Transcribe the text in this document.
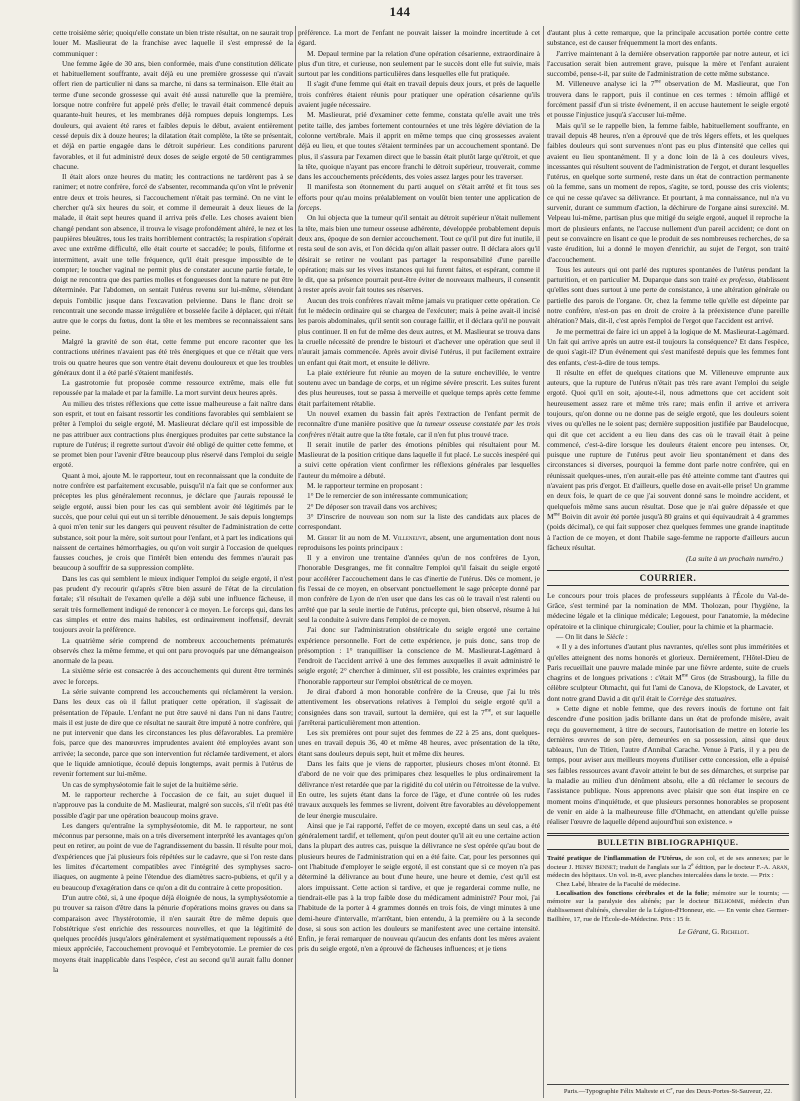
144
cette troisième série; quoiqu'elle constate un bien triste résultat, on ne saurait trop louer M. Maslieurat de la franchise avec laquelle il s'est empressé de la communiquer :
Une femme âgée de 30 ans, bien conformée, mais d'une constitution délicate et habituellement souffrante, avait déjà eu une première grossesse qui n'avait offert rien de particulier ni dans sa marche, ni dans sa terminaison. Elle était au terme d'une seconde grossesse qui avait été aussi naturelle que la première, lorsque notre confrère fut appelé près d'elle; le travail était commencé depuis quarante-huit heures, et les membranes déjà rompues depuis longtemps. Les douleurs, qui avaient été rares et faibles depuis le début, avaient entièrement cessé depuis dix à douze heures; la dilatation était complète, la tête se présentait, et déjà en partie engagée dans le détroit supérieur. Les conditions parurent favorables, et il fut administré deux doses de seigle ergoté de 50 centigrammes chacune.
Il était alors onze heures du matin; les contractions ne tardèrent pas à se ranimer; et notre confrère, forcé de s'absenter, recommanda qu'on vînt le prévenir entre deux et trois heures, si l'accouchement n'était pas terminé. On ne vint le chercher qu'à six heures du soir, et comme il demeurait à deux lieues de la malade, il était sept heures quand il arriva près d'elle. Les choses avaient bien changé pendant son absence, il trouva le visage profondément altéré, le nez et les paupières bleuâtres, tous les traits horriblement contractés; la respiration s'opérait avec une extrême difficulté, elle était courte et saccadée; le pouls, filiforme et intermittent, avait une telle fréquence, qu'il était presque impossible de le compter; le toucher vaginal ne permit plus de constater aucune partie fœtale, le doigt ne rencontra que des parties molles et fongueuses dont la nature ne put être déterminée. Par l'abdomen, on sentait l'utérus revenu sur lui-même, s'étendant depuis l'ombilic jusque dans l'excavation pelvienne. Dans le flanc droit se rencontrait une seconde masse irrégulière et bosselée facile à déplacer, qui n'était autre que le corps du fœtus, dont la tête et les membres se reconnaissaient sans peine.
Malgré la gravité de son état, cette femme put encore raconter que les contractions utérines n'avaient pas été très énergiques et que ce n'était que vers trois ou quatre heures que son ventre était devenu douloureux et que les troubles généraux dont il a été parlé s'étaient manifestés.
La gastrotomie fut proposée comme ressource extrême, mais elle fut repoussée par la malade et par la famille. La mort survint deux heures après.
Au milieu des tristes réflexions que cette issue malheureuse a fait naître dans son esprit, et tout en faisant ressortir les conditions favorables qui semblaient se prêter à l'emploi du seigle ergoté, M. Maslieurat déclare qu'il est impossible de ne pas attribuer aux contractions plus énergiques produites par cette substance la rupture de l'utérus; il regrette surtout d'avoir été obligé de quitter cette femme, et se promet bien pour l'avenir d'être beaucoup plus réservé dans l'emploi du seigle ergoté.
Quant à moi, ajoute M. le rapporteur, tout en reconnaissant que la conduite de notre confrère est parfaitement excusable, puisqu'il n'a fait que se conformer aux préceptes les plus généralement reconnus, je déclare que j'aurais repoussé le seigle ergoté, aussi bien pour les cas qui semblent avoir été légitimés par le succès, que pour celui qui eut un si terrible dénouement. Je sais depuis longtemps à quoi m'en tenir sur les dangers qui peuvent résulter de l'administration de cette substance, soit pour la mère, soit surtout pour l'enfant, et à part les indications qui naissent de certaines hémorrhagies, ou qu'on voit surgir à l'occasion de quelques fausses couches, je crois que l'intérêt bien entendu des femmes n'aurait pas beaucoup à souffrir de sa suppression complète.
Dans les cas qui semblent le mieux indiquer l'emploi du seigle ergoté, il n'est pas prudent d'y recourir qu'après s'être bien assuré de l'état de la circulation fœtale; s'il résultait de l'examen qu'elle a déjà subi une influence fâcheuse, il serait très formellement indiqué de renoncer à ce moyen. Le forceps qui, dans les cas simples et entre des mains habiles, est ordinairement inoffensif, devrait toujours avoir la préférence.
La quatrième série comprend de nombreux accouchements prématurés observés chez la même femme, et qui ont paru provoqués par une démangeaison anormale de la peau.
La sixième série est consacrée à des accouchements qui durent être terminés avec le forceps.
La série suivante comprend les accouchements qui réclamèrent la version. Dans les deux cas où il fallut pratiquer cette opération, il s'agissait de présentation de l'épaule. L'enfant ne put être sauvé ni dans l'un ni dans l'autre; mais il est juste de dire que ce résultat ne saurait être imputé à notre confrère, qui ne put intervenir que dans les circonstances les plus défavorables. La première fois, parce que des manœuvres imprudentes avaient été employées avant son arrivée; la seconde, parce que son intervention fut réclamée tardivement, et alors que le liquide amniotique, écoulé depuis longtemps, avait permis à l'utérus de revenir fortement sur lui-même.
Un cas de symphyséotomie fait le sujet de la huitième série.
M. le rapporteur recherche à l'occasion de ce fait, au sujet duquel il n'approuve pas la conduite de M. Maslieurat, malgré son succès, s'il n'eût pas été possible d'agir par une opération beaucoup moins grave.
Les dangers qu'entraîne la symphyséotomie, dit M. le rapporteur, ne sont méconnus par personne, mais on a très diversement interprété les avantages qu'on peut en retirer, au point de vue de l'agrandissement du bassin. Il résulte pour moi, d'expériences que j'ai plusieurs fois répétées sur le cadavre, que si l'on reste dans les limites d'écartement compatibles avec l'intégrité des symphyses sacro-iliaques, on augmente à peine l'étendue des diamètres sacro-pubiens, et qu'il y a eu beaucoup d'exagération dans ce qu'on a dit du contraire à cette proposition.
D'un autre côté, si, à une époque déjà éloignée de nous, la symphyséotomie a pu trouver sa raison d'être dans la pénurie d'opérations moins graves ou dans sa comparaison avec l'hystérotomie, il n'en saurait être de même depuis que l'obstétrique s'est enrichie des ressources nouvelles, et que la légitimité de quelques procédés jusqu'alors généralement et systématiquement repoussés a été mieux appréciée, l'accouchement provoqué et l'embryotomie. Le premier de ces moyens était inapplicable dans l'espèce, c'est au second qu'il aurait fallu donner la
préférence. La mort de l'enfant ne pouvait laisser la moindre incertitude à cet égard.
M. Depaul termine par la relation d'une opération césarienne, extraordinaire à plus d'un titre, et curieuse, non seulement par le succès dont elle fut suivie, mais surtout par les conditions particulières dans lesquelles elle fut pratiquée.
Il s'agit d'une femme qui était en travail depuis deux jours, et près de laquelle trois confrères étaient réunis pour pratiquer une opération césarienne qu'ils avaient jugée nécessaire.
M. Maslieurat, prié d'examiner cette femme, constata qu'elle avait une très petite taille, des jambes fortement contournées et une très légère déviation de la colonne vertébrale. Mais il apprit en même temps que cinq grossesses avaient déjà eu lieu, et que toutes s'étaient terminées par un accouchement spontané. De plus, il s'assura par l'examen direct que le bassin était plutôt large qu'étroit, et que la tête, quoique n'ayant pas encore franchi le détroit supérieur, trouverait, comme dans les accouchements précédents, des voies assez larges pour les traverser.
Il manifesta son étonnement du parti auquel on s'était arrêté et fit tous ses efforts pour qu'au moins préalablement on voulût bien tenter une application de forceps.
On lui objecta que la tumeur qu'il sentait au détroit supérieur n'était nullement la tête, mais bien une tumeur osseuse adhérente, développée probablement depuis deux ans, époque de son dernier accouchement. Tout ce qu'il put dire fut inutile, il resta seul de son avis, et l'on décida qu'on allait passer outre. Il déclara alors qu'il désirait se retirer ne voulant pas partager la responsabilité d'une pareille opération; mais sur les vives instances qui lui furent faites, et espérant, comme il le dit, que sa présence pourrait peut-être éviter de nouveaux malheurs, il consentit à rester après avoir fait toutes ses réserves.
Aucun des trois confrères n'avait même jamais vu pratiquer cette opération. Ce fut le médecin ordinaire qui se chargea de l'exécuter; mais à peine avait-il incisé les parois abdominales, qu'il sentit son courage faillir, et il déclara qu'il ne pouvait plus continuer. Il en fut de même des deux autres, et M. Maslieurat se trouva dans la cruelle nécessité de prendre le bistouri et d'achever une opération que seul il n'aurait jamais commencée. Après avoir divisé l'utérus, il put facilement extraire un enfant qui était mort, et ensuite le délivre.
La plaie extérieure fut réunie au moyen de la suture enchevillée, le ventre soutenu avec un bandage de corps, et un régime sévère prescrit. Les suites furent des plus heureuses, tout se passa à merveille et quelque temps après cette femme était parfaitement rétablie.
Un nouvel examen du bassin fait après l'extraction de l'enfant permit de reconnaître d'une manière positive que la tumeur osseuse constatée par les trois confrères n'était autre que la tête fœtale, car il n'en fut plus trouvé trace.
Il serait inutile de parler des émotions pénibles qui résultaient pour M. Maslieurat de la position critique dans laquelle il fut placé. Le succès inespéré qui a suivi cette opération vient confirmer les réflexions générales par lesquelles l'auteur du mémoire a débuté.
M. le rapporteur termine en proposant :
1° De le remercier de son intéressante communication;
2° De déposer son travail dans vos archives;
3° D'inscrire de nouveau son nom sur la liste des candidats aux places de correspondant.
M. Gibert lit au nom de M. Villeneuve, absent, une argumentation dont nous reproduisons les points principaux :
Il y a environ une trentaine d'années qu'un de nos confrères de Lyon, l'honorable Desgranges, me fit connaître l'emploi qu'il faisait du seigle ergoté pour accélérer l'accouchement dans le cas d'inertie de l'utérus. Dès ce moment, je fis l'essai de ce moyen, en observant ponctuellement le sage précepte donné par mon confrère de Lyon de n'en user que dans les cas où le travail n'est ralenti ou arrêté que par la seule inertie de l'utérus, précepte qui, bien observé, résume à lui seul la conduite à suivre dans l'emploi de ce moyen.
J'ai donc sur l'administration obstétricale du seigle ergoté une certaine expérience personnelle. Fort de cette expérience, je puis donc, sans trop de présomption : 1° tranquilliser la conscience de M. Maslieurat-Lagémard à l'endroit de l'accident arrivé à une des femmes auxquelles il avait administré le seigle ergoté; 2° chercher à diminuer, s'il est possible, les craintes exprimées par l'honorable rapporteur sur l'emploi obstétrical de ce moyen.
Je dirai d'abord à mon honorable confrère de la Creuse, que j'ai lu très attentivement les observations relatives à l'emploi du seigle ergoté qu'il a consignées dans son travail, surtout la dernière, qui est la $7^{me}$, et sur laquelle j'arrêterai particulièrement mon attention.
Les six premières ont pour sujet des femmes de 22 à 25 ans, dont quelques-unes en travail depuis 36, 40 et même 48 heures, avec présentation de la tête, étant sans douleurs depuis sept, huit et même dix heures.
Dans les faits que je viens de rapporter, plusieurs choses m'ont étonné. Et d'abord de ne voir que des primipares chez lesquelles le plus ordinairement la délivrance n'est retardée que par la rigidité du col utérin ou l'étroitesse de la vulve. En outre, les sujets étant dans la force de l'âge, et d'une contrée où les rudes travaux auxquels les femmes se livrent, doivent être favorables au développement de leur énergie musculaire.
Ainsi que je l'ai rapporté, l'effet de ce moyen, excepté dans un seul cas, a été généralement tardif, et tellement, qu'on peut douter qu'il ait eu une certaine action dans la plupart des autres cas, puisque la délivrance ne s'est opérée qu'au bout de plusieurs heures de l'administration qui en a été faite. Car, pour les personnes qui ont l'habitude d'employer le seigle ergoté, il est constant que si ce moyen n'a pas déterminé la délivrance au bout d'une heure, une heure et demie, c'est qu'il est alors impuissant. Cette action si tardive, et que je regarderai comme nulle, ne tiendrait-elle pas à la trop faible dose du médicament administré? Pour moi, j'ai l'habitude de la porter à 4 grammes donnés en trois fois, de vingt minutes à une demi-heure d'intervalle, m'arrêtant, bien entendu, à la première ou à la seconde dose, si sous son action les douleurs se manifestent avec une certaine intensité. Enfin, je ferai remarquer de nouveau qu'aucun des enfants dont les mères avaient pris du seigle ergoté, n'en a éprouvé de fâcheuses influences; et je tiens
d'autant plus à cette remarque, que la principale accusation portée contre cette substance, est de causer fréquemment la mort des enfants.
J'arrive maintenant à la dernière observation rapportée par notre auteur, et ici l'accusation serait bien autrement grave, puisque la mère et l'enfant auraient succombé, pense-t-il, par suite de l'administration de cette même substance.
M. Villeneuve analyse ici la $7^{me}$ observation de M. Maslieurat, que l'on trouvera dans le rapport, puis il continue en ces termes : témoin affligé et forcément passif d'un si triste événement, il en accuse hautement le seigle ergoté et pousse l'injustice jusqu'à s'accuser lui-même.
Mais qu'il se le rappelle bien, la femme faible, habituellement souffrante, en travail depuis 48 heures, n'en a éprouvé que de très légers effets, et les quelques faibles douleurs qui sont survenues n'ont pas eu plus d'intensité que celles qui avaient eu lieu spontanément. Il y a donc loin de là à ces douleurs vives, incessantes qui résultent souvent de l'administration de l'ergot, et durant lesquelles l'utérus, en quelque sorte surmené, reste dans un état de contraction permanente où la femme, sans un moment de repos, s'agite, se tord, pousse des cris violents; ce qui ne cesse qu'avec sa délivrance. Et pourtant, à ma connaissance, nul n'a vu survenir, durant ce summum d'action, la déchirure de l'organe ainsi surexcité. M. Velpeau lui-même, partisan plus que mitigé du seigle ergoté, auquel il reproche la mort de plusieurs enfants, ne l'accuse nullement d'un pareil accident; ce dont on peut se convaincre en lisant ce que le produit de ses nombreuses recherches, de sa vaste érudition, lui a donné le moyen d'enrichir, au sujet de l'ergot, son traité d'accouchement.
Tous les auteurs qui ont parlé des ruptures spontanées de l'utérus pendant la parturition, et en particulier M. Duparque dans son traité ex professo, établissent qu'elles sont dues surtout à une perte de consistance, à une altération générale ou partielle des parois de l'organe. Or, chez la femme telle qu'elle est dépeinte par notre confrère, n'est-on pas en droit de croire à la préexistence d'une pareille altération? Mais, dit-il, c'est après l'emploi de l'ergot que l'accident est arrivé.
Je me permettrai de faire ici un appel à la logique de M. Maslieurat-Lagémard. Un fait qui arrive après un autre est-il toujours la conséquence? Et dans l'espèce, de quoi s'agit-il? D'un événement qui s'est manifesté depuis que les femmes font des enfants, c'est-à-dire de tous temps.
Il résulte en effet de quelques citations que M. Villeneuve emprunte aux auteurs, que la rupture de l'utérus n'était pas très rare avant l'emploi du seigle ergoté. Quoi qu'il en soit, ajoute-t-il, nous admettons que cet accident soit heureusement assez rare et même très rare; mais enfin il arrive et arrivera toujours, qu'on donne ou ne donne pas de seigle ergoté, que les douleurs soient vives ou qu'elles ne le soient pas; dernière supposition justifiée par Baudelocque, qui dit que cet accident a eu lieu dans des cas où le travail était à peine commencé, c'est-à-dire lorsque les douleurs étaient encore peu intenses. Or, puisque une rupture de l'utérus peut avoir lieu spontanément et dans des circonstances si diverses, pourquoi la femme dont parle notre confrère, qui en réunissait quelques-unes, n'en aurait-elle pas été atteinte comme tant d'autres qui n'avaient pas pris d'ergot. Et d'ailleurs, quelle dose en avait-elle prise! Un gramme en deux fois, le quart de ce que j'ai souvent donné sans le moindre accident, et quelquefois même sans aucun résultat. Dose que je n'ai guère dépassée et que $M^{me}$ Boivin dit avoir été portée jusqu'à 80 grains et qui équivaudrait à 4 grammes (poids décimal), ce qui fait supposer chez quelques femmes une grande inaptitude à l'action de ce moyen, et dont l'habile sage-femme ne rapporte d'ailleurs aucun fâcheux résultat.
(La suite à un prochain numéro.)
COURRIER.
Le concours pour trois places de professeurs suppléants à l'École du Val-de-Grâce, s'est terminé par la nomination de MM. Tholozan, pour l'hygiène, la médecine légale et la clinique médicale; Legouest, pour l'anatomie, la médecine opératoire et la clinique chirurgicale; Coulier, pour la chimie et la pharmacie.
— On lit dans le Siècle :
« Il y a des infortunes d'autant plus navrantes, qu'elles sont plus imméritées et qu'elles atteignent des noms honorés et glorieux. Dernièrement, l'Hôtel-Dieu de Paris recueillait une pauvre malade minée par une fièvre ardente, suite de cruels chagrins et de longues privations : c'était $M^{me}$ Gros (de Strasbourg), la fille du célèbre sculpteur Ohmacht, qui fut l'ami de Canova, de Klopstock, de Lavater, et dont notre grand David a dit qu'il était le Corrège des statuaires.
» Cette digne et noble femme, que des revers inouïs de fortune ont fait descendre d'une position jadis brillante dans un état de profonde misère, avait reçu du gouvernement, à titre de secours, l'autorisation de mettre en loterie les dernières œuvres de son père, demeurées en sa possession, ainsi que deux tableaux, l'un de Titien, l'autre d'Annibal Carache. Venue à Paris, il y a peu de temps, pour aviser aux meilleurs moyens d'utiliser cette concession, elle a épuisé ses faibles ressources avant d'avoir atteint le but de ses démarches, et surprise par la maladie au milieu d'un dénûment absolu, elle a dû réclamer le secours de l'assistance publique. Nous apprenons avec plaisir que son état inspire en ce moment moins d'inquiétude, et que plusieurs personnes honorables se proposent de venir en aide à la malheureuse fille d'Ohmacht, en attendant qu'elle puisse réaliser l'œuvre de laquelle dépend aujourd'hui son existence. »
BULLETIN BIBLIOGRAPHIQUE.
Traité pratique de l'inflammation de l'Utérus, de son col, et de ses annexes; par le docteur J. Henry Bennet; traduit de l'anglais sur la 2e édition, par le docteur F.-A. Aran, médecin des hôpitaux. Un vol. in-8, avec planches intercalées dans le texte. — Prix :
Chez Labé, libraire de la Faculté de médecine.
Localisation des fonctions cérébrales et de la folie; mémoire sur le tournis; — mémoire sur la paralysie des aliénés; par le docteur Belhomme, médecin d'un établissement d'aliénés, chevalier de la Légion-d'Honneur, etc. — En vente chez Germer-Baillière, 17, rue de l'École-de-Médecine. Prix : 15 fr.
Le Gérant, G. Richelot.
Paris.—Typographie Félix Malteste et Ce, rue des Deux-Portes-St-Sauveur, 22.
